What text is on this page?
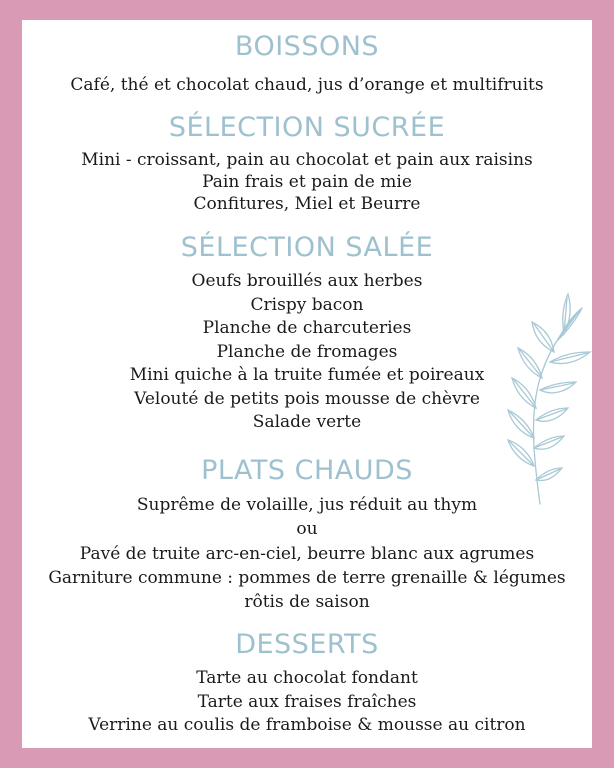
BOISSONS
Café, thé et chocolat chaud, jus d’orange et multifruits
SÉLECTION SUCRÉE
Mini - croissant, pain au chocolat et pain aux raisins
Pain frais et pain de mie
Confitures, Miel et Beurre
SÉLECTION SALÉE
Oeufs brouillés aux herbes
Crispy bacon
Planche de charcuteries
Planche de fromages
Mini quiche à la truite fumée et poireaux
Velouté de petits pois mousse de chèvre
Salade verte
PLATS CHAUDS
Suprême de volaille, jus réduit au thym
ou
Pavé de truite arc-en-ciel, beurre blanc aux agrumes
Garniture commune : pommes de terre grenaille & légumes
rôtis de saison
DESSERTS
Tarte au chocolat fondant
Tarte aux fraises fraîches
Verrine au coulis de framboise & mousse au citron
